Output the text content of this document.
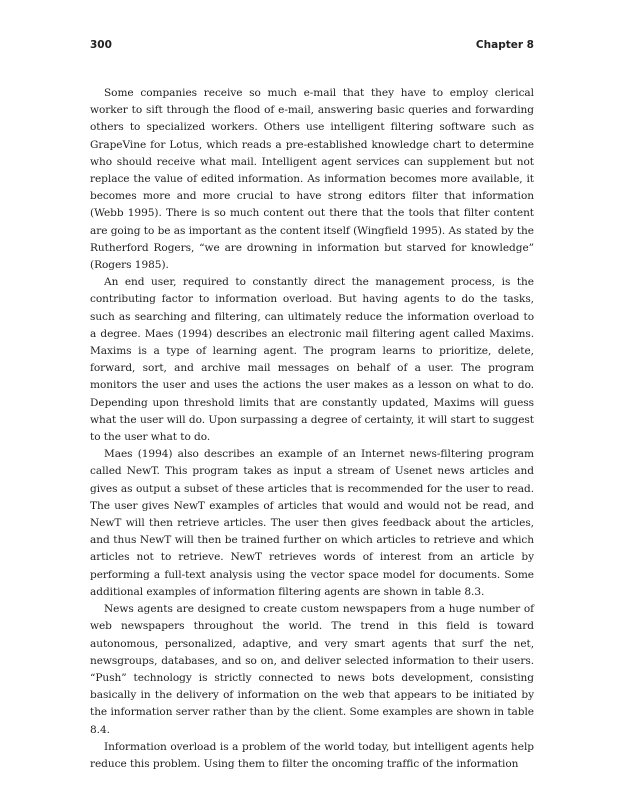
300	Chapter 8

Some companies receive so much e-mail that they have to employ clerical worker to sift through the flood of e-mail, answering basic queries and forwarding others to specialized workers. Others use intelligent filtering software such as GrapeVine for Lotus, which reads a pre-established knowledge chart to determine who should receive what mail. Intelligent agent services can supplement but not replace the value of edited information. As information becomes more available, it becomes more and more crucial to have strong editors filter that information (Webb 1995). There is so much content out there that the tools that filter content are going to be as important as the content itself (Wingfield 1995). As stated by the Rutherford Rogers, “we are drowning in information but starved for knowledge” (Rogers 1985).

An end user, required to constantly direct the management process, is the contributing factor to information overload. But having agents to do the tasks, such as searching and filtering, can ultimately reduce the information overload to a degree. Maes (1994) describes an electronic mail filtering agent called Maxims. Maxims is a type of learning agent. The program learns to prioritize, delete, forward, sort, and archive mail messages on behalf of a user. The program monitors the user and uses the actions the user makes as a lesson on what to do. Depending upon threshold limits that are constantly updated, Maxims will guess what the user will do. Upon surpassing a degree of certainty, it will start to suggest to the user what to do.

Maes (1994) also describes an example of an Internet news-filtering program called NewT. This program takes as input a stream of Usenet news articles and gives as output a subset of these articles that is recommended for the user to read. The user gives NewT examples of articles that would and would not be read, and NewT will then retrieve articles. The user then gives feedback about the articles, and thus NewT will then be trained further on which articles to retrieve and which articles not to retrieve. NewT retrieves words of interest from an article by performing a full-text analysis using the vector space model for documents. Some additional examples of information filtering agents are shown in table 8.3.

News agents are designed to create custom newspapers from a huge number of web newspapers throughout the world. The trend in this field is toward autonomous, personalized, adaptive, and very smart agents that surf the net, newsgroups, databases, and so on, and deliver selected information to their users. “Push” technology is strictly connected to news bots development, consisting basically in the delivery of information on the web that appears to be initiated by the information server rather than by the client. Some examples are shown in table 8.4.

Information overload is a problem of the world today, but intelligent agents help reduce this problem. Using them to filter the oncoming traffic of the information
